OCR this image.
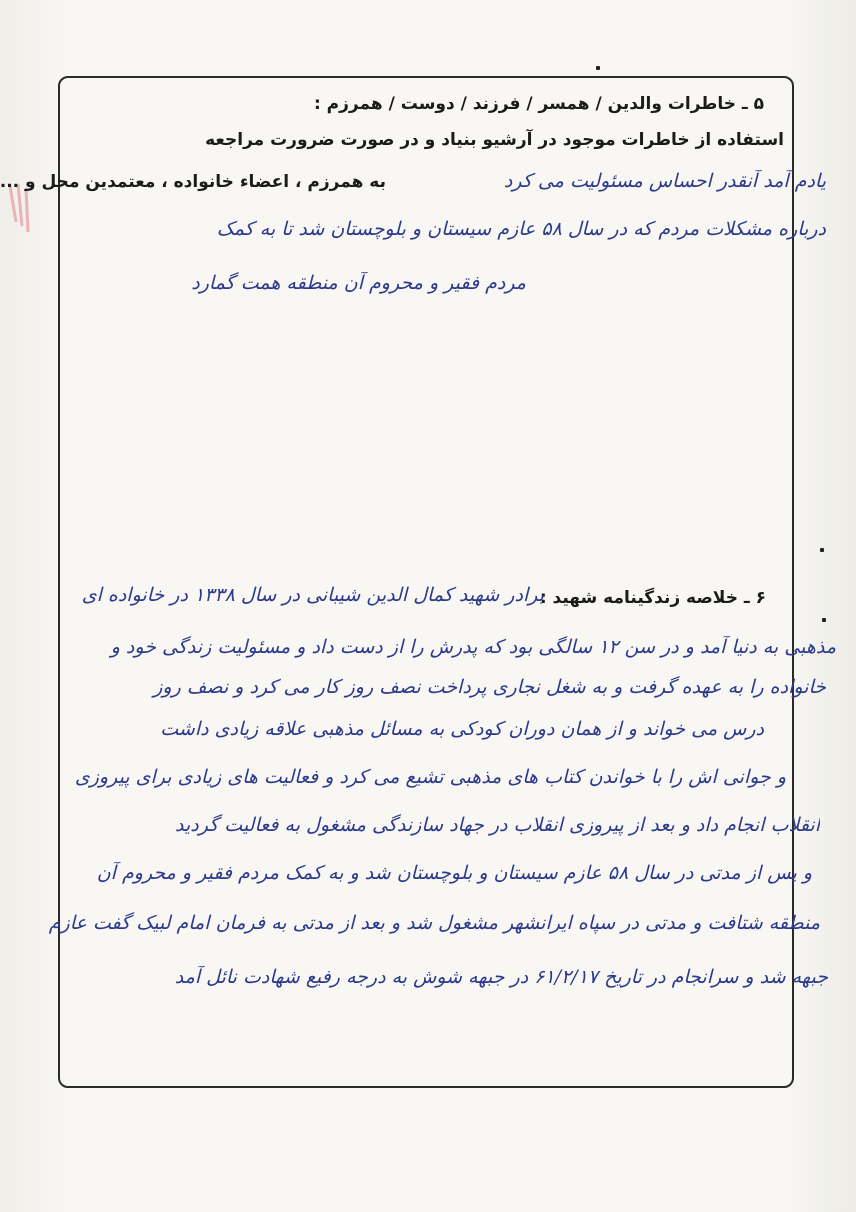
۵ ـ خاطرات والدین / همسر / فرزند / دوست / همرزم :
استفاده از خاطرات موجود در آرشیو بنیاد و در صورت ضرورت مراجعه
به همرزم ، اعضاء خانواده ، معتمدین محل و ...	یادم آمد آنقدر احساس مسئولیت می کرد
درباره مشکلات مردم که در سال ۵۸ عازم سیستان و بلوچستان شد تا به کمک
مردم فقیر و محروم آن منطقه همت گمارد
۶ ـ خلاصه زندگینامه شهید :
برادر شهید کمال الدین شیبانی در سال ۱۳۳۸ در خانواده ای
مذهبی به دنیا آمد و در سن ۱۲ سالگی بود که پدرش را از دست داد و مسئولیت زندگی خود و
خانواده را به عهده گرفت و به شغل نجاری پرداخت نصف روز کار می کرد و نصف روز
درس می خواند و از همان دوران کودکی به مسائل مذهبی علاقه زیادی داشت
و جوانی اش را با خواندن کتاب های مذهبی تشیع می کرد و فعالیت های زیادی برای پیروزی
انقلاب انجام داد و بعد از پیروزی انقلاب در جهاد سازندگی مشغول به فعالیت گردید
و پس از مدتی در سال ۵۸ عازم سیستان و بلوچستان شد و به کمک مردم فقیر و محروم آن
منطقه شتافت و مدتی در سپاه ایرانشهر مشغول شد و بعد از مدتی به فرمان امام لبیک گفت عازم
جبهه شد و سرانجام در تاریخ ۶۱/۲/۱۷ در جبهه شوش به درجه رفیع شهادت نائل آمد
